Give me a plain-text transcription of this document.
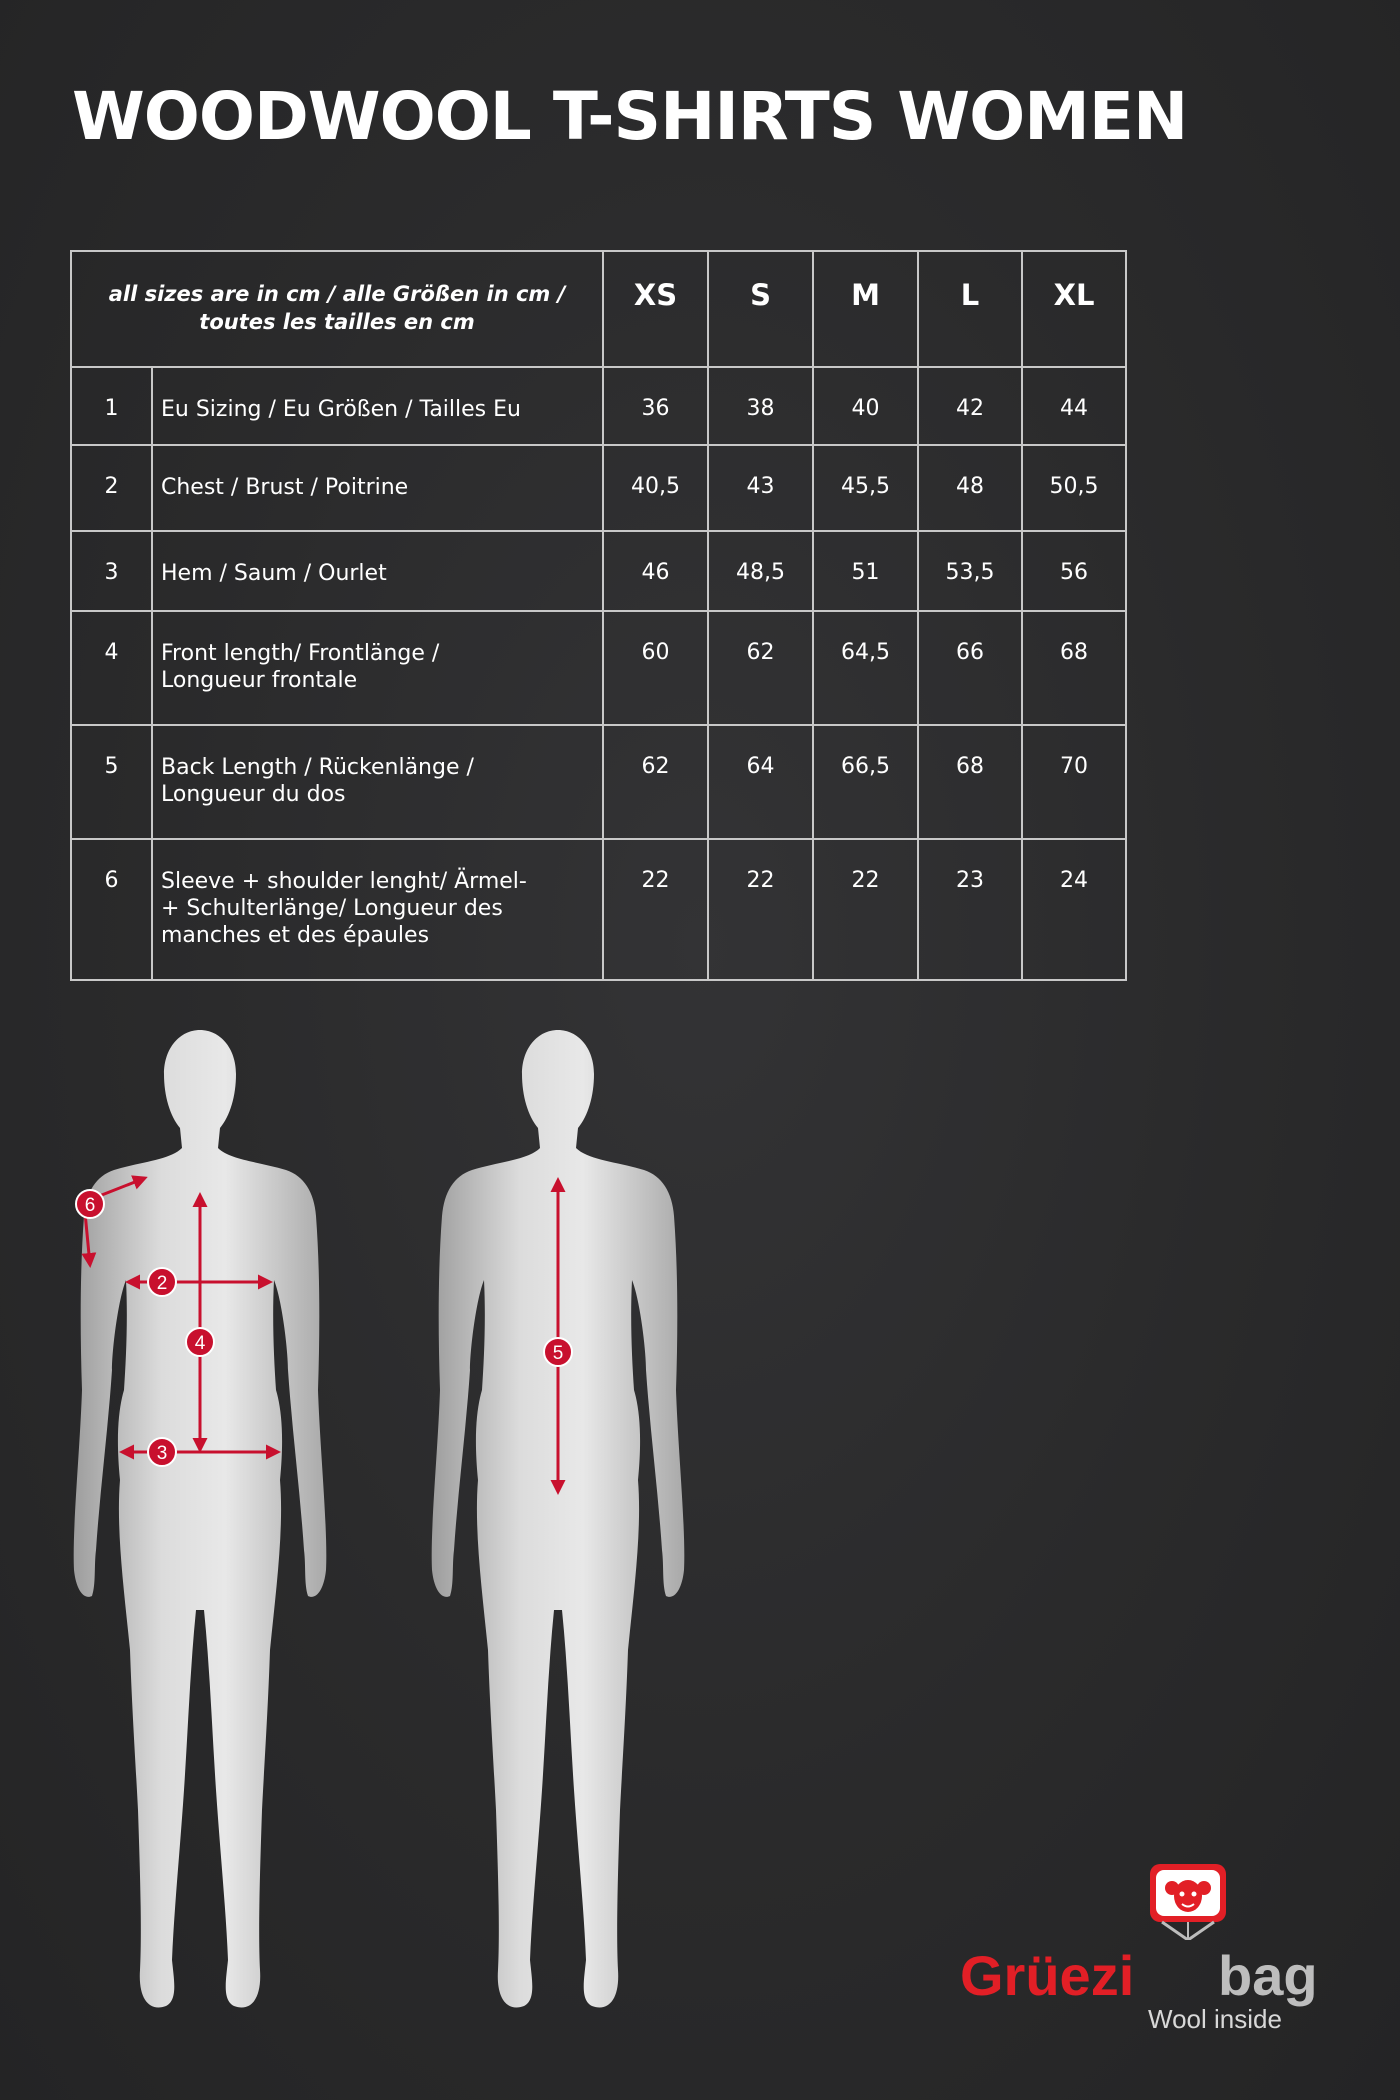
WOODWOOL T-SHIRTS WOMEN
all sizes are in cm / alle Größen in cm /
toutes les tailles en cm		XS	S	M	L	XL
1	Eu Sizing / Eu Größen / Tailles Eu	36	38	40	42	44
2	Chest / Brust / Poitrine	40,5	43	45,5	48	50,5
3	Hem / Saum / Ourlet	46	48,5	51	53,5	56
4	Front length/ Frontlänge /
Longueur frontale	60	62	64,5	66	68
5	Back Length / Rückenlänge /
Longueur du dos	62	64	66,5	68	70
6	Sleeve + shoulder lenght/ Ärmel-
+ Schulterlänge/ Longueur des
manches et des épaules	22	22	22	23	24
6
2
4
3
5
Grüezi bag
Wool inside
